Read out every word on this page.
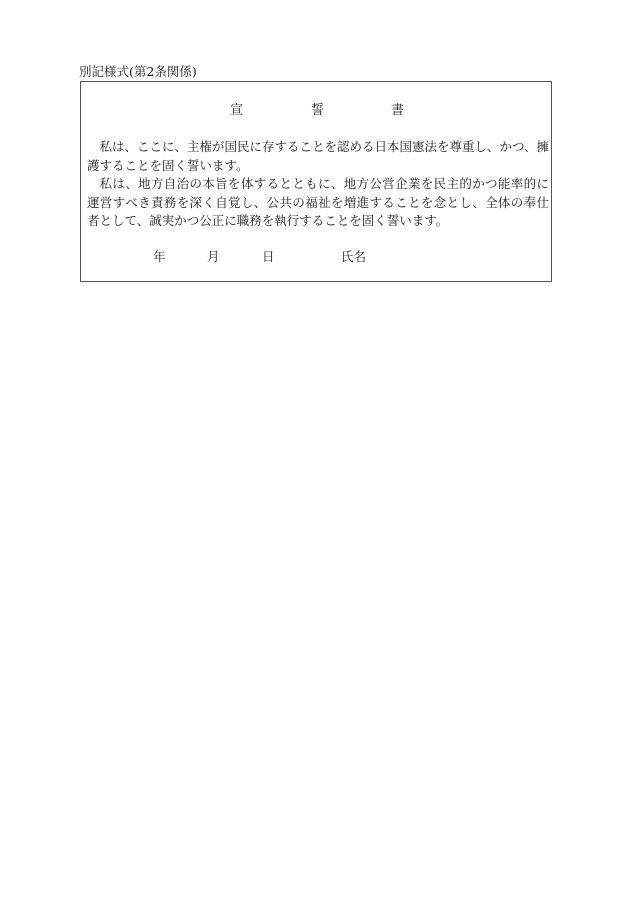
別記様式(第2条関係)
宣	誓	書

私は、ここに、主権が国民に存することを認める日本国憲法を尊重し、かつ、擁護することを固く誓います。

私は、地方自治の本旨を体するとともに、地方公営企業を民主的かつ能率的に運営すべき責務を深く自覚し、公共の福祉を増進することを念とし、全体の奉仕者として、誠実かつ公正に職務を執行することを固く誓います。

年	月	日	氏名
